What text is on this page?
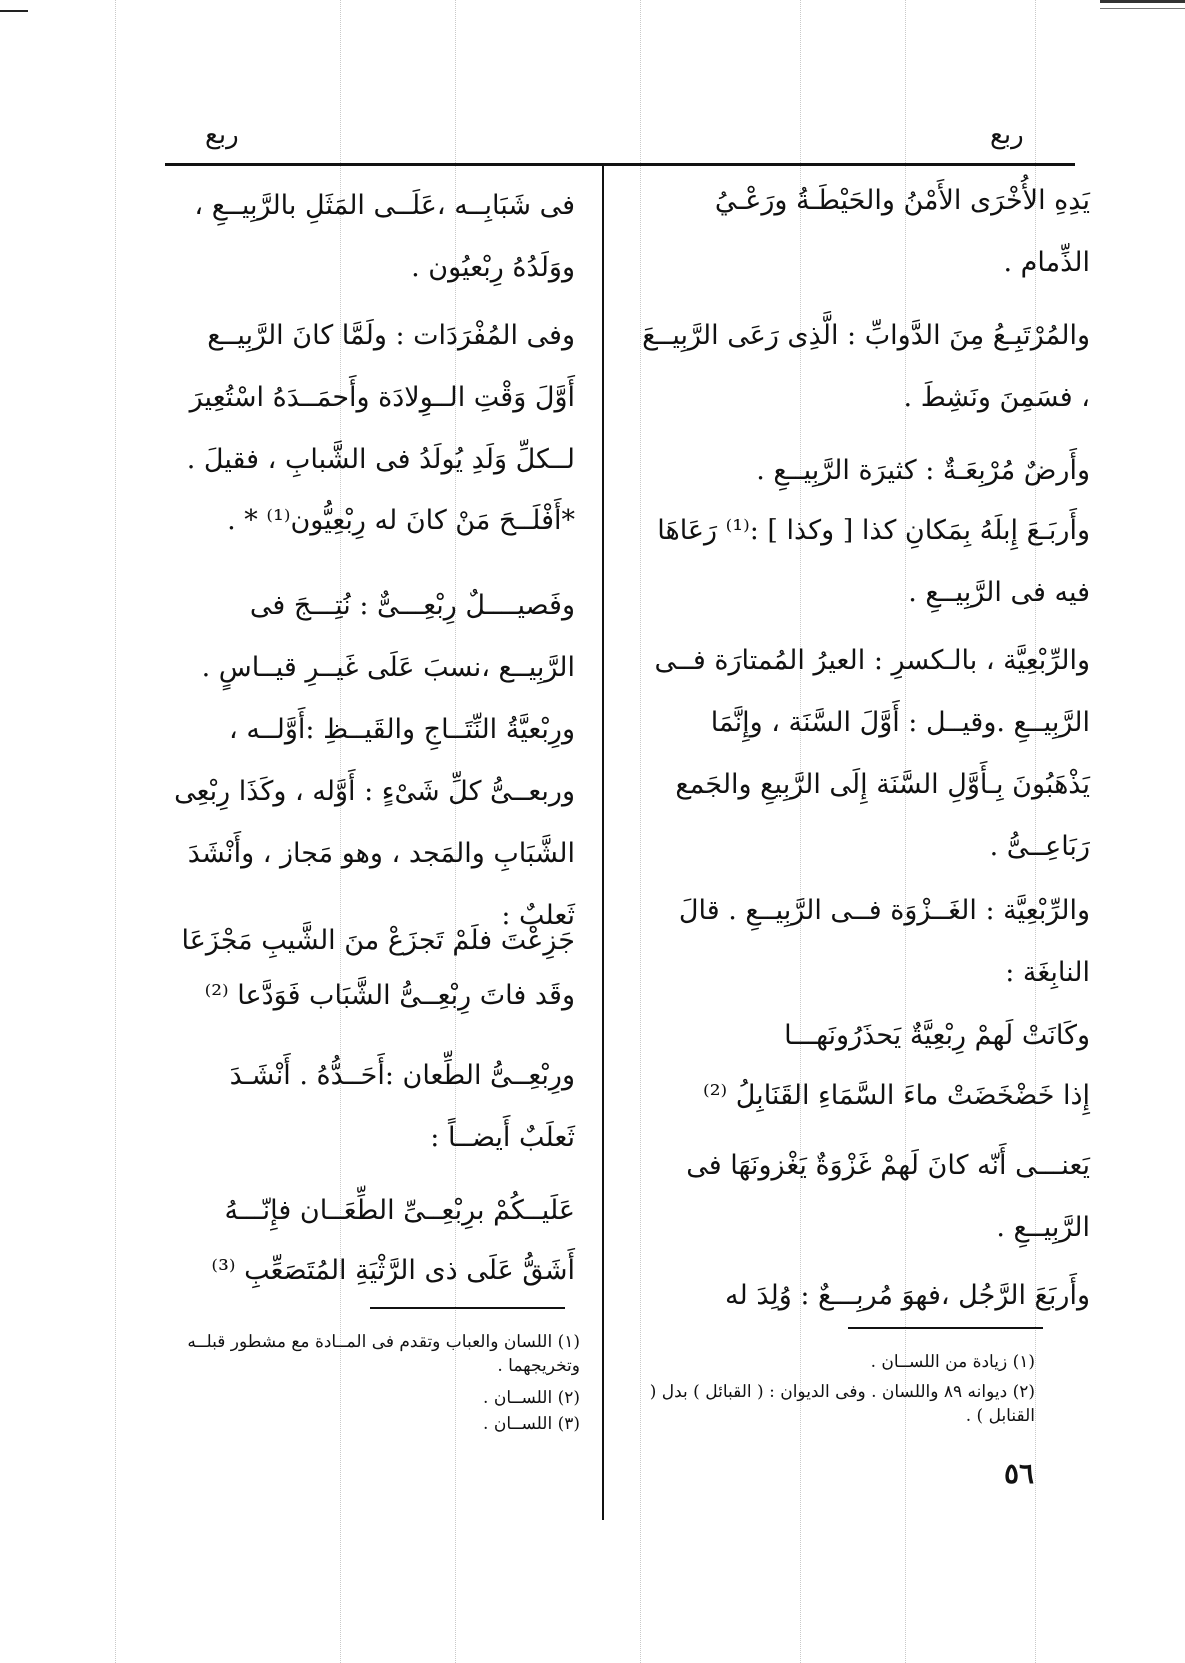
ربع
ربع
يَدِهِ الأُخْرَى الأَمْنُ والحَيْطَـةُ ورَعْـيُ الذِّمام .
والمُرْتَبِـعُ مِنَ الدَّوابِّ : الَّذِى رَعَى الرَّبِيــعَ ، فسَمِنَ ونَشِطَ .
وأَرضٌ مُرْبِعَـةٌ : كثيرَة الرَّبِيــعِ .
وأَربَـعَ إِبلَهُ بِمَكانِ كذا [ وكذا ] :⁽¹⁾ رَعَاهَا فيه فى الرَّبِيــعِ .
والرِّبْعِيَّة ، بالـكسرِ : العيرُ المُمتارَة فــى الرَّبِيــعِ .وقيــل : أَوَّلَ السَّنَة ، وإِنَّمَا يَذْهَبُونَ بِـأَوَّلِ السَّنَة إِلَى الرَّبِيعِ والجَمع رَبَاعِــىُّ .
والرِّبْعِيَّة : الغَــزْوَة فــى الرَّبِيــعِ . قالَ النابِغَة :
وكَانَتْ لَهمْ رِبْعِيَّةٌ يَحذَرُونَهـــا
إِذا خَضْخَضَتْ ماءَ السَّمَاءِ القَنَابِلُ ⁽²⁾
يَعنـــى أَنّه كانَ لَهمْ غَزْوَةٌ يَغْزونَهَا فى الرَّبِيــعِ .
وأَربَعَ الرَّجُل ،فهوَ مُربِـــعٌ : وُلِدَ له
(١) زيادة من اللســان .
(٢) ديوانه ٨٩ واللسان . وفى الديوان : ( القبائل ) بدل ( القنابل ) .
فى شَبَابِــه ،عَلَــى المَثَلِ بالرَّبِيــعِ ، ووَلَدُهُ رِبْعيُون .
وفى المُفْرَدَات : ولَمَّا كانَ الرَّبِيــع أَوَّلَ وَقْتِ الــوِلادَة وأَحمَــدَهُ اسْتُعِيرَ لــكلِّ وَلَدِ يُولَدُ فى الشَّبابِ ، فقيلَ .
*أَفْلَــحَ مَنْ كانَ له رِبْعِيُّون⁽¹⁾ * .
وفَصيــــلٌ رِبْعِـــىٌّ : نُتِـــجَ فى الرَّبِيــع ،نسبَ عَلَى غَيــرِ قيــاسٍ . ورِبْعيَّةُ النِّتَــاجِ والقَيــظِ :أَوَّلــه ، وربعــىُّ كلِّ شَىْءٍ : أَوَّله ، وكَذَا رِبْعِى الشَّبَابِ والمَجد ، وهو مَجاز ، وأَنْشَدَ ثَعلبٌ :
جَزِعْتَ فلَمْ تَجزَعْ منَ الشَّيبِ مَجْزَعَا
وقَد فاتَ رِبْعِــىُّ الشَّبَاب فَوَدَّعا ⁽²⁾
ورِبْعِــىُّ الطِّعان :أَحَــدُّهُ . أَنْشَـدَ ثَعلَبٌ أَيضــاً :
عَلَيــكُمْ برِبْعِــىِّ الطِّعَــان فإِنّـــهُ
أَشَقُّ عَلَى ذى الرَّثْيَةِ المُتَصَعِّبِ ⁽³⁾
(١) اللسان والعباب وتقدم فى المــادة مع مشطور قبلــه وتخريجهما .
(٢) اللســان .
(٣) اللســان .
٥٦
